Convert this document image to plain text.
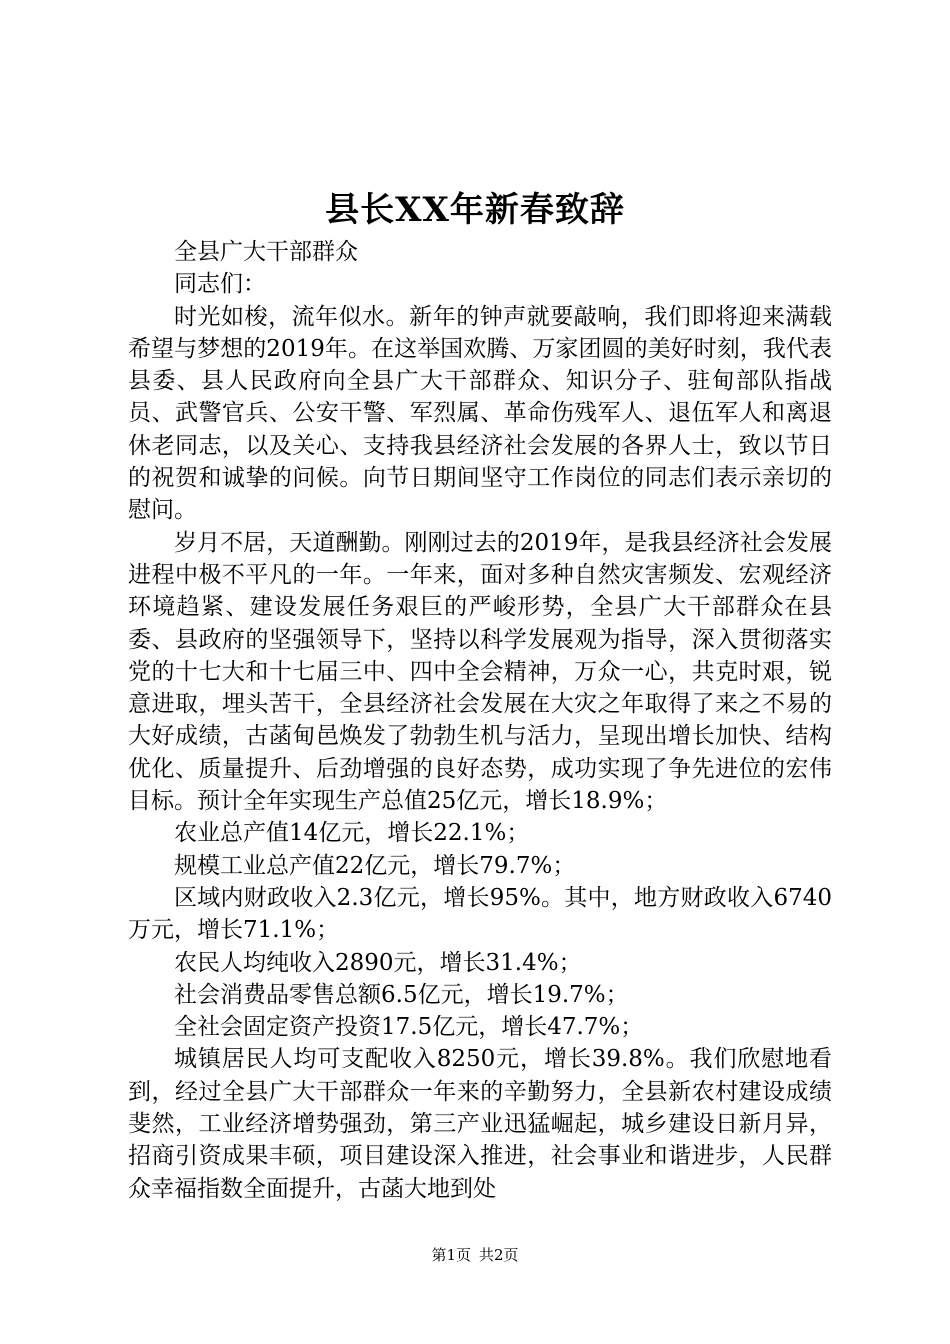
县长XX年新春致辞

全县广大干部群众

同志们：

时光如梭，流年似水。新年的钟声就要敲响，我们即将迎来满载希望与梦想的2019年。在这举国欢腾、万家团圆的美好时刻，我代表县委、县人民政府向全县广大干部群众、知识分子、驻甸部队指战员、武警官兵、公安干警、军烈属、革命伤残军人、退伍军人和离退休老同志，以及关心、支持我县经济社会发展的各界人士，致以节日的祝贺和诚挚的问候。向节日期间坚守工作岗位的同志们表示亲切的慰问。

岁月不居，天道酬勤。刚刚过去的2019年，是我县经济社会发展进程中极不平凡的一年。一年来，面对多种自然灾害频发、宏观经济环境趋紧、建设发展任务艰巨的严峻形势，全县广大干部群众在县委、县政府的坚强领导下，坚持以科学发展观为指导，深入贯彻落实党的十七大和十七届三中、四中全会精神，万众一心，共克时艰，锐意进取，埋头苦干，全县经济社会发展在大灾之年取得了来之不易的大好成绩，古菡甸邑焕发了勃勃生机与活力，呈现出增长加快、结构优化、质量提升、后劲增强的良好态势，成功实现了争先进位的宏伟目标。预计全年实现生产总值25亿元，增长18.9%；

农业总产值14亿元，增长22.1%；

规模工业总产值22亿元，增长79.7%；

区域内财政收入2.3亿元，增长95%。其中，地方财政收入6740万元，增长71.1%；

农民人均纯收入2890元，增长31.4%；

社会消费品零售总额6.5亿元，增长19.7%；

全社会固定资产投资17.5亿元，增长47.7%；

城镇居民人均可支配收入8250元，增长39.8%。我们欣慰地看到，经过全县广大干部群众一年来的辛勤努力，全县新农村建设成绩斐然，工业经济增势强劲，第三产业迅猛崛起，城乡建设日新月异，招商引资成果丰硕，项目建设深入推进，社会事业和谐进步，人民群众幸福指数全面提升，古菡大地到处

第1页 共2页
